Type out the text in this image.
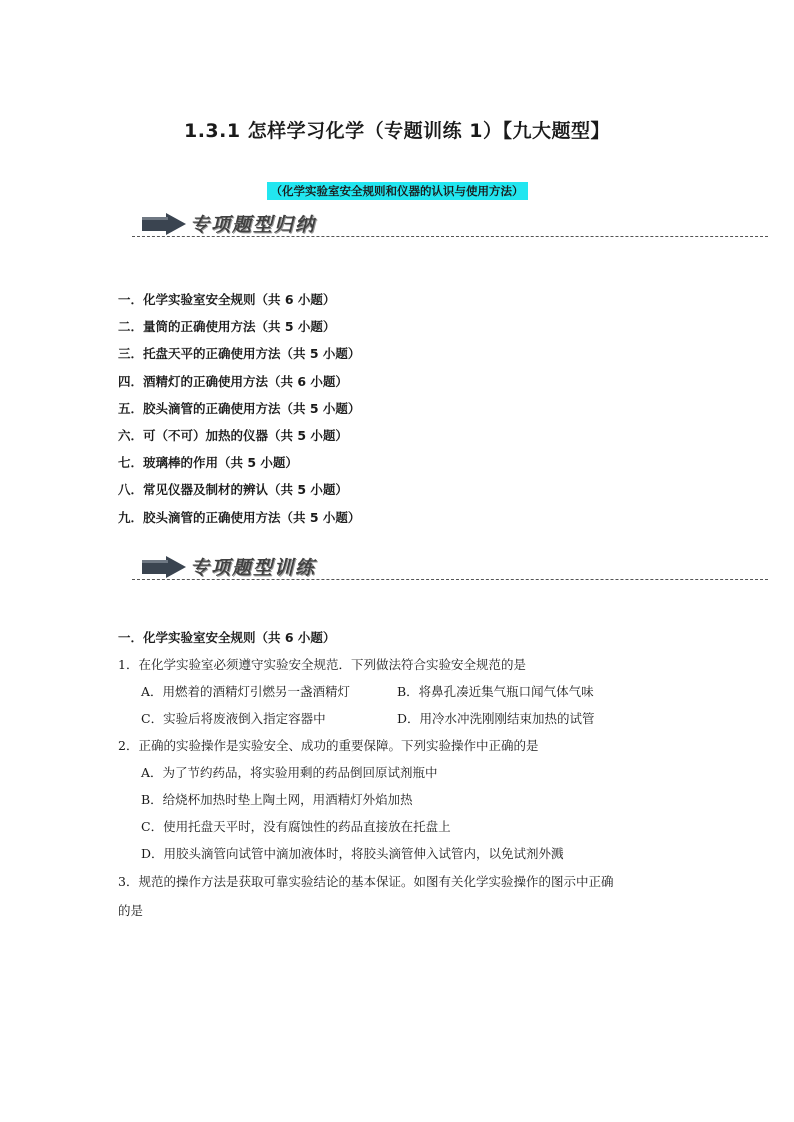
1.3.1 怎样学习化学（专题训练 1）【九大题型】
（化学实验室安全规则和仪器的认识与使用方法）
专项题型归纳
一．化学实验室安全规则（共 6 小题）
二．量筒的正确使用方法（共 5 小题）
三．托盘天平的正确使用方法（共 5 小题）
四．酒精灯的正确使用方法（共 6 小题）
五．胶头滴管的正确使用方法（共 5 小题）
六．可（不可）加热的仪器（共 5 小题）
七．玻璃棒的作用（共 5 小题）
八．常见仪器及制材的辨认（共 5 小题）
九．胶头滴管的正确使用方法（共 5 小题）
专项题型训练
一．化学实验室安全规则（共 6 小题）
1．在化学实验室必须遵守实验安全规范．下列做法符合实验安全规范的是
A．用燃着的酒精灯引燃另一盏酒精灯	B．将鼻孔凑近集气瓶口闻气体气味
C．实验后将废液倒入指定容器中	D．用冷水冲洗刚刚结束加热的试管
2．正确的实验操作是实验安全、成功的重要保障。下列实验操作中正确的是
A．为了节约药品，将实验用剩的药品倒回原试剂瓶中
B．给烧杯加热时垫上陶土网，用酒精灯外焰加热
C．使用托盘天平时，没有腐蚀性的药品直接放在托盘上
D．用胶头滴管向试管中滴加液体时，将胶头滴管伸入试管内，以免试剂外溅
3．规范的操作方法是获取可靠实验结论的基本保证。如图有关化学实验操作的图示中正确
的是
